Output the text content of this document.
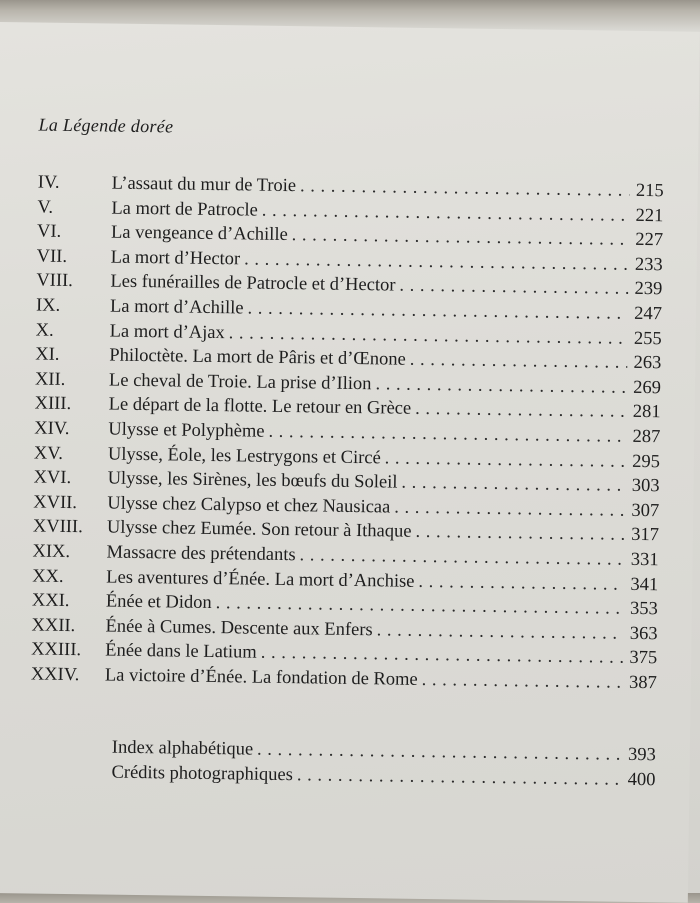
La Légende dorée
IV.	L’assaut du mur de Troie . . .	215
V.	La mort de Patrocle . . .	221
VI.	La vengeance d’Achille . . .	227
VII.	La mort d’Hector . . .	233
VIII.	Les funérailles de Patrocle et d’Hector . . .	239
IX.	La mort d’Achille . . .	247
X.	La mort d’Ajax . . .	255
XI.	Philoctète. La mort de Pâris et d’Œnone . . .	263
XII.	Le cheval de Troie. La prise d’Ilion . . .	269
XIII.	Le départ de la flotte. Le retour en Grèce . . .	281
XIV.	Ulysse et Polyphème . . .	287
XV.	Ulysse, Éole, les Lestrygons et Circé . . .	295
XVI.	Ulysse, les Sirènes, les bœufs du Soleil . . .	303
XVII.	Ulysse chez Calypso et chez Nausicaa . . .	307
XVIII.	Ulysse chez Eumée. Son retour à Ithaque . . .	317
XIX.	Massacre des prétendants . . .	331
XX.	Les aventures d’Énée. La mort d’Anchise . . .	341
XXI.	Énée et Didon . . .	353
XXII.	Énée à Cumes. Descente aux Enfers . . .	363
XXIII.	Énée dans le Latium . . .	375
XXIV.	La victoire d’Énée. La fondation de Rome . . .	387
Index alphabétique . . .	393
Crédits photographiques . . .	400
